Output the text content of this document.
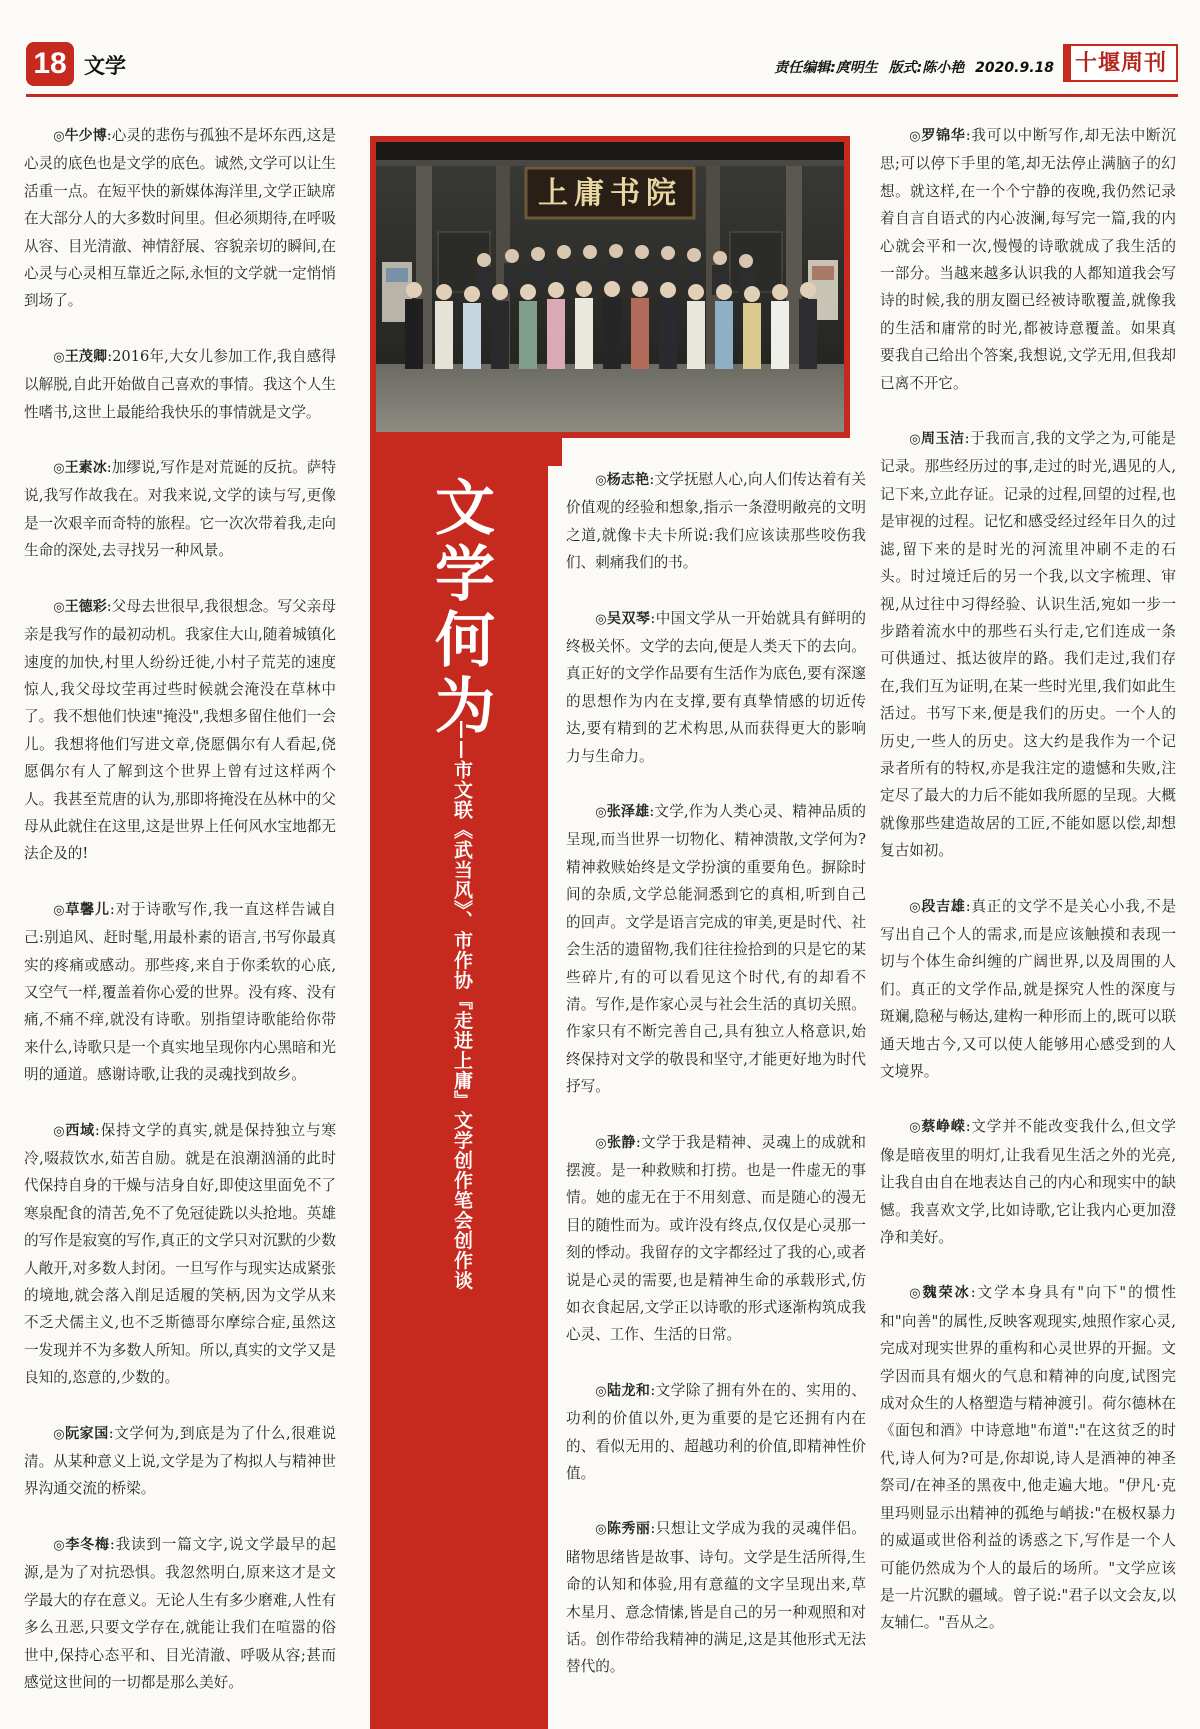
18 文学	责任编辑:庹明生 版式:陈小艳 2020.9.18 十堰周刊
上庸书院
文学何为
——市文联《武当风》、市作协『走进上庸』文学创作笔会创作谈

◎牛少博:心灵的悲伤与孤独不是坏东西,这是心灵的底色也是文学的底色。诚然,文学可以让生活重一点。在短平快的新媒体海洋里,文学正缺席在大部分人的大多数时间里。但必须期待,在呼吸从容、目光清澈、神情舒展、容貌亲切的瞬间,在心灵与心灵相互靠近之际,永恒的文学就一定悄悄到场了。

◎王茂卿:2016年,大女儿参加工作,我自感得以解脱,自此开始做自己喜欢的事情。我这个人生性嗜书,这世上最能给我快乐的事情就是文学。

◎王素冰:加缪说,写作是对荒诞的反抗。萨特说,我写作故我在。对我来说,文学的读与写,更像是一次艰辛而奇特的旅程。它一次次带着我,走向生命的深处,去寻找另一种风景。

◎王德彩:父母去世很早,我很想念。写父亲母亲是我写作的最初动机。我家住大山,随着城镇化速度的加快,村里人纷纷迁徙,小村子荒芜的速度惊人,我父母坟茔再过些时候就会淹没在草林中了。我不想他们快速"掩没",我想多留住他们一会儿。我想将他们写进文章,侥愿偶尔有人看起,侥愿偶尔有人了解到这个世界上曾有过这样两个人。我甚至荒唐的认为,那即将掩没在丛林中的父母从此就住在这里,这是世界上任何风水宝地都无法企及的!

◎草馨儿:对于诗歌写作,我一直这样告诫自己:别追风、赶时髦,用最朴素的语言,书写你最真实的疼痛或感动。那些疼,来自于你柔软的心底,又空气一样,覆盖着你心爱的世界。没有疼、没有痛,不痛不痒,就没有诗歌。别指望诗歌能给你带来什么,诗歌只是一个真实地呈现你内心黑暗和光明的通道。感谢诗歌,让我的灵魂找到故乡。

◎西域:保持文学的真实,就是保持独立与寒冷,啜菽饮水,茹苦自励。就是在浪潮汹涌的此时代保持自身的干燥与洁身自好,即使这里面免不了寒泉配食的清苦,免不了免冠徒跣以头抢地。英雄的写作是寂寞的写作,真正的文学只对沉默的少数人敞开,对多数人封闭。一旦写作与现实达成紧张的境地,就会落入削足适履的笑柄,因为文学从来不乏犬儒主义,也不乏斯德哥尔摩综合症,虽然这一发现并不为多数人所知。所以,真实的文学又是良知的,恣意的,少数的。

◎阮家国:文学何为,到底是为了什么,很难说清。从某种意义上说,文学是为了构拟人与精神世界沟通交流的桥梁。

◎李冬梅:我读到一篇文字,说文学最早的起源,是为了对抗恐惧。我忽然明白,原来这才是文学最大的存在意义。无论人生有多少磨难,人性有多么丑恶,只要文学存在,就能让我们在喧嚣的俗世中,保持心态平和、目光清澈、呼吸从容;甚而感觉这世间的一切都是那么美好。

◎杨志艳:文学抚慰人心,向人们传达着有关价值观的经验和想象,指示一条澄明敞亮的文明之道,就像卡夫卡所说:我们应该读那些咬伤我们、刺痛我们的书。

◎吴双琴:中国文学从一开始就具有鲜明的终极关怀。文学的去向,便是人类天下的去向。真正好的文学作品要有生活作为底色,要有深邃的思想作为内在支撑,要有真挚情感的切近传达,要有精到的艺术构思,从而获得更大的影响力与生命力。

◎张泽雄:文学,作为人类心灵、精神品质的呈现,而当世界一切物化、精神溃散,文学何为?精神救赎始终是文学扮演的重要角色。摒除时间的杂质,文学总能洞悉到它的真相,听到自己的回声。文学是语言完成的审美,更是时代、社会生活的遗留物,我们往往捡拾到的只是它的某些碎片,有的可以看见这个时代,有的却看不清。写作,是作家心灵与社会生活的真切关照。作家只有不断完善自己,具有独立人格意识,始终保持对文学的敬畏和坚守,才能更好地为时代抒写。

◎张静:文学于我是精神、灵魂上的成就和摆渡。是一种救赎和打捞。也是一件虚无的事情。她的虚无在于不用刻意、而是随心的漫无目的随性而为。或许没有终点,仅仅是心灵那一刻的悸动。我留存的文字都经过了我的心,或者说是心灵的需要,也是精神生命的承载形式,仿如衣食起居,文学正以诗歌的形式逐渐构筑成我心灵、工作、生活的日常。

◎陆龙和:文学除了拥有外在的、实用的、功利的价值以外,更为重要的是它还拥有内在的、看似无用的、超越功利的价值,即精神性价值。

◎陈秀丽:只想让文学成为我的灵魂伴侣。睹物思绪皆是故事、诗句。文学是生活所得,生命的认知和体验,用有意蕴的文字呈现出来,草木星月、意念情愫,皆是自己的另一种观照和对话。创作带给我精神的满足,这是其他形式无法替代的。

◎罗锦华:我可以中断写作,却无法中断沉思;可以停下手里的笔,却无法停止满脑子的幻想。就这样,在一个个宁静的夜晚,我仍然记录着自言自语式的内心波澜,每写完一篇,我的内心就会平和一次,慢慢的诗歌就成了我生活的一部分。当越来越多认识我的人都知道我会写诗的时候,我的朋友圈已经被诗歌覆盖,就像我的生活和庸常的时光,都被诗意覆盖。如果真要我自己给出个答案,我想说,文学无用,但我却已离不开它。

◎周玉洁:于我而言,我的文学之为,可能是记录。那些经历过的事,走过的时光,遇见的人,记下来,立此存证。记录的过程,回望的过程,也是审视的过程。记忆和感受经过经年日久的过滤,留下来的是时光的河流里冲刷不走的石头。时过境迁后的另一个我,以文字梳理、审视,从过往中习得经验、认识生活,宛如一步一步踏着流水中的那些石头行走,它们连成一条可供通过、抵达彼岸的路。我们走过,我们存在,我们互为证明,在某一些时光里,我们如此生活过。书写下来,便是我们的历史。一个人的历史,一些人的历史。这大约是我作为一个记录者所有的特权,亦是我注定的遗憾和失败,注定尽了最大的力后不能如我所愿的呈现。大概就像那些建造故居的工匠,不能如愿以偿,却想复古如初。

◎段吉雄:真正的文学不是关心小我,不是写出自己个人的需求,而是应该触摸和表现一切与个体生命纠缠的广阔世界,以及周围的人们。真正的文学作品,就是探究人性的深度与斑斓,隐秘与畅达,建构一种形而上的,既可以联通天地古今,又可以使人能够用心感受到的人文境界。

◎蔡峥嵘:文学并不能改变我什么,但文学像是暗夜里的明灯,让我看见生活之外的光亮,让我自由自在地表达自己的内心和现实中的缺憾。我喜欢文学,比如诗歌,它让我内心更加澄净和美好。

◎魏荣冰:文学本身具有"向下"的惯性和"向善"的属性,反映客观现实,烛照作家心灵,完成对现实世界的重构和心灵世界的开掘。文学因而具有烟火的气息和精神的向度,试图完成对众生的人格塑造与精神渡引。荷尔德林在《面包和酒》中诗意地"布道":"在这贫乏的时代,诗人何为?可是,你却说,诗人是酒神的神圣祭司/在神圣的黑夜中,他走遍大地。"伊凡·克里玛则显示出精神的孤绝与峭拔:"在极权暴力的威逼或世俗利益的诱惑之下,写作是一个人可能仍然成为个人的最后的场所。"文学应该是一片沉默的疆域。曾子说:"君子以文会友,以友辅仁。"吾从之。
